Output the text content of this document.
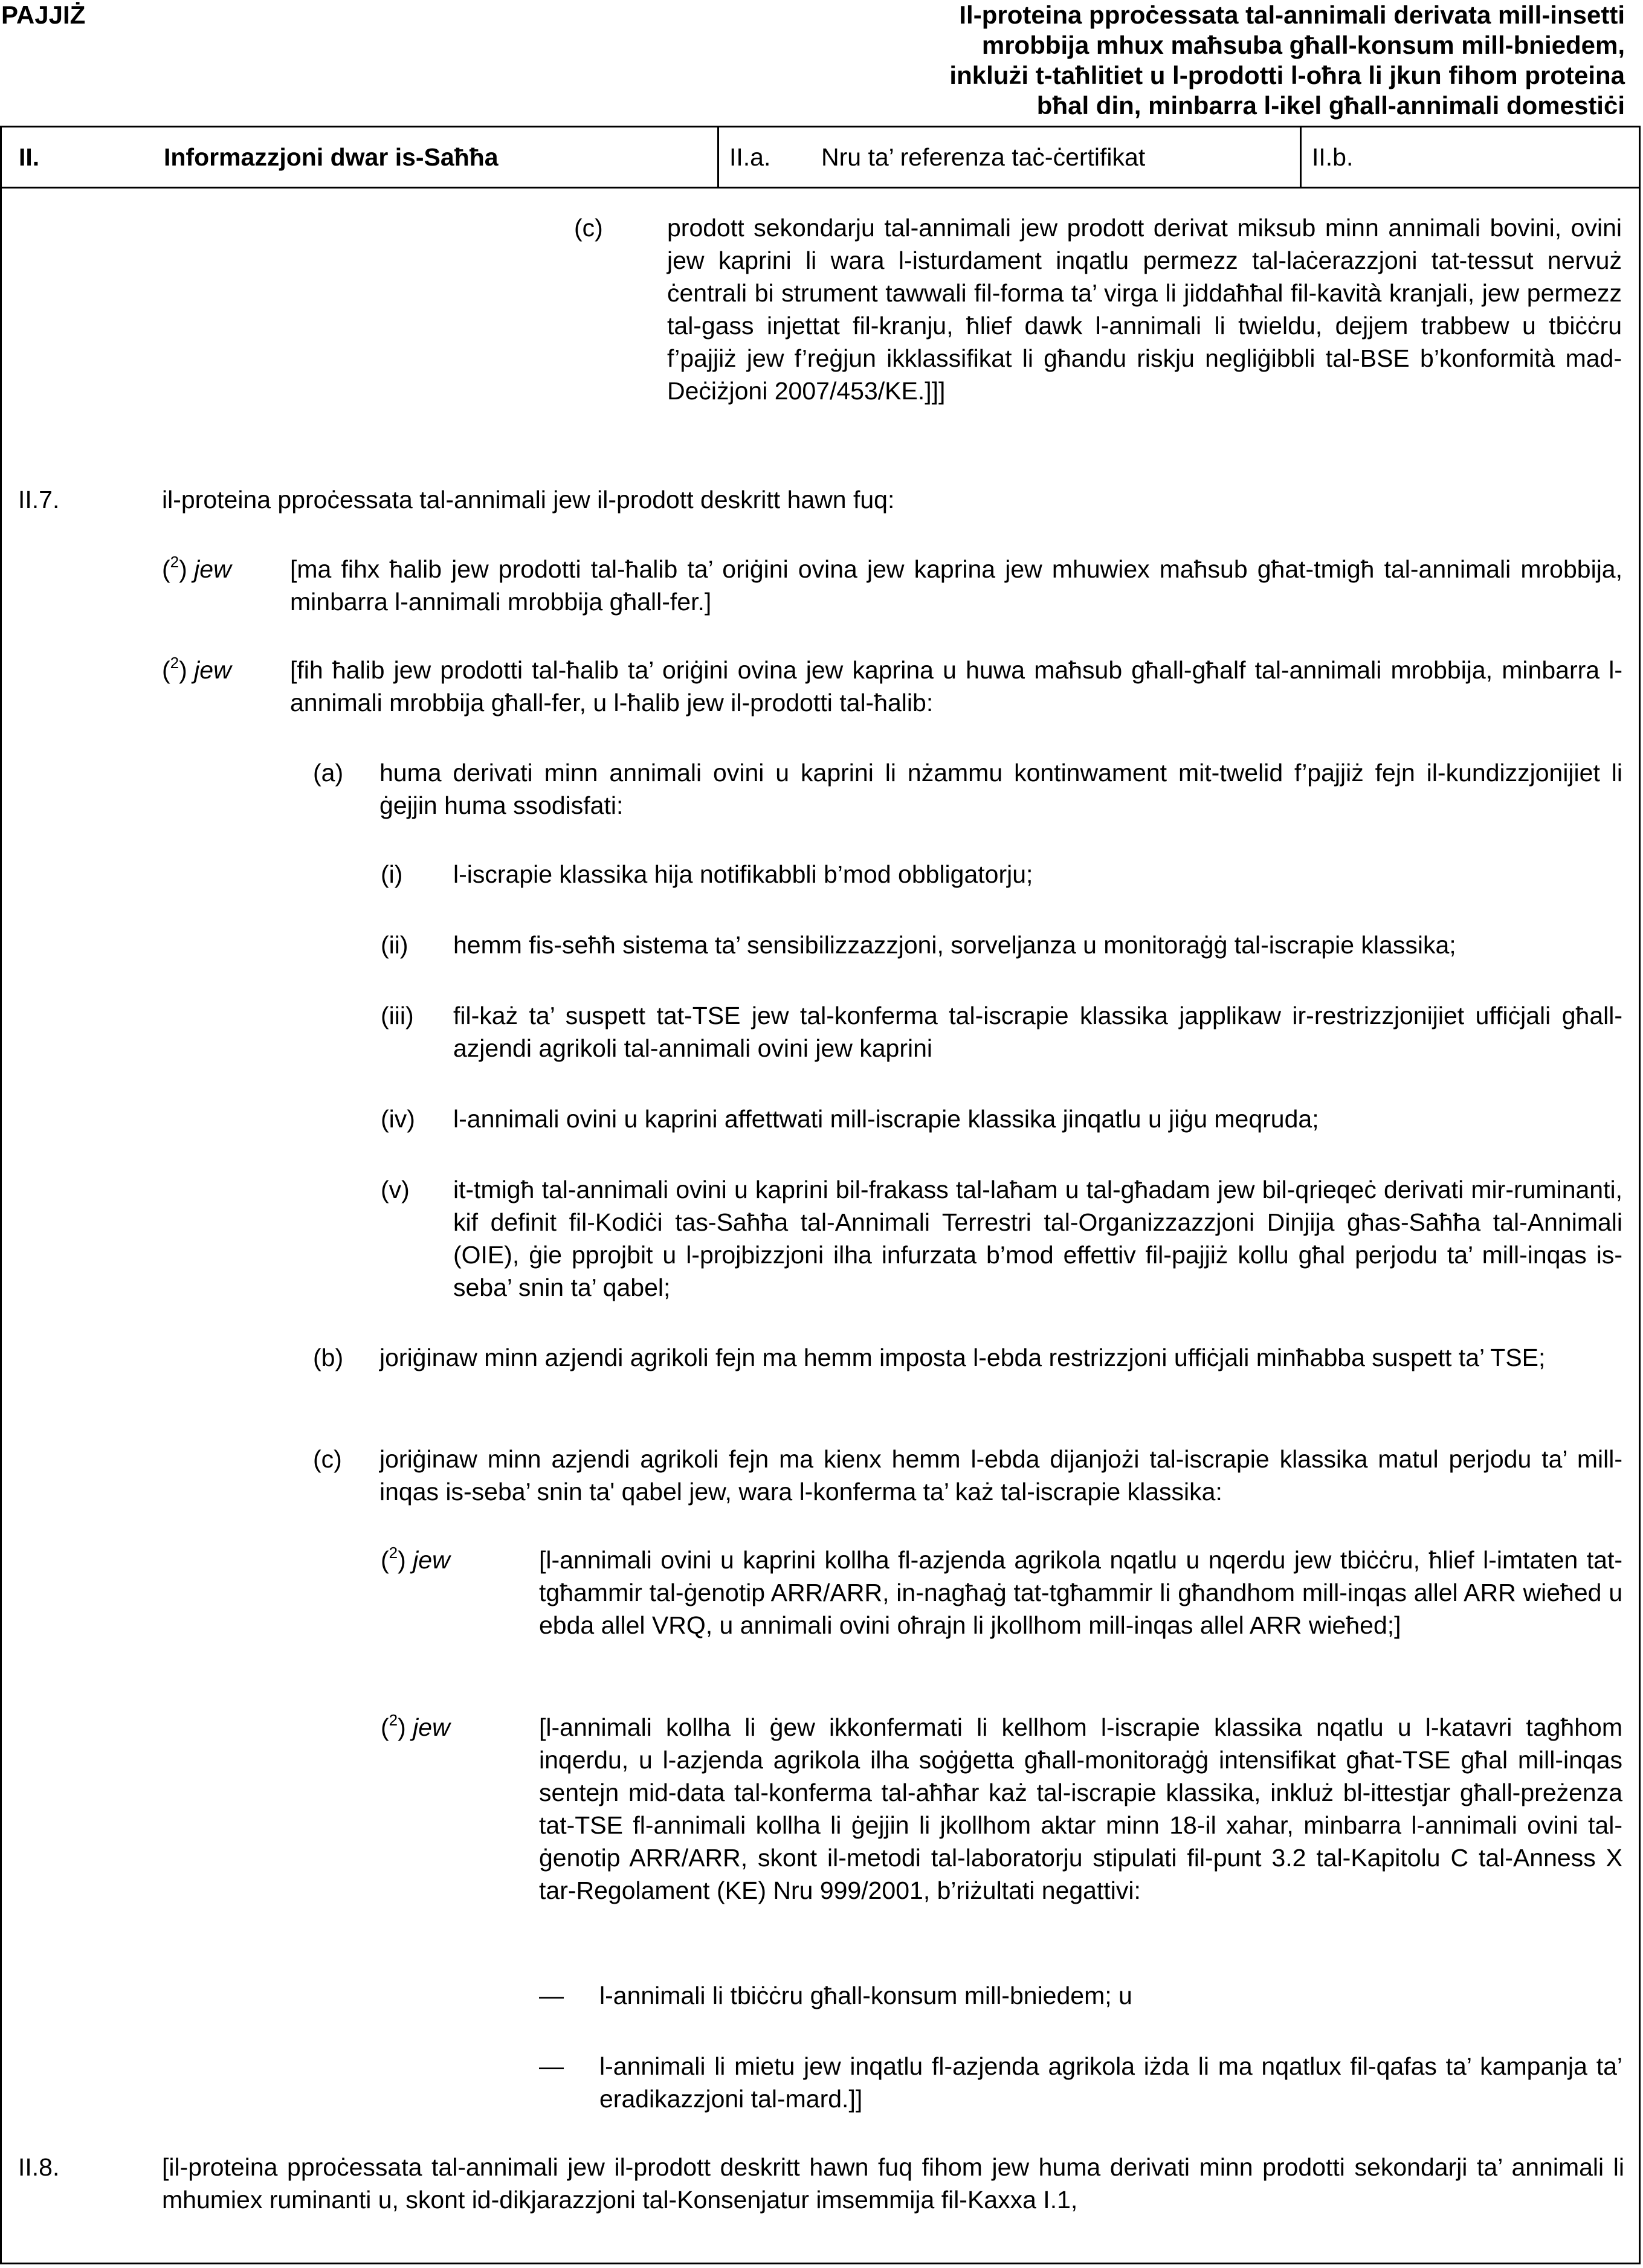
PAJJIŻ	Il-proteina pproċessata tal-annimali derivata mill-insetti
mrobbija mhux maħsuba għall-konsum mill-bniedem,
inklużi t-taħlitiet u l-prodotti l-oħra li jkun fihom proteina
bħal din, minbarra l-ikel għall-annimali domestiċi
II.	Informazzjoni dwar is-Saħħa	II.a. Nru ta’ referenza taċ-ċertifikat	II.b.
(c)	prodott sekondarju tal-annimali jew prodott derivat miksub minn annimali bovini, ovini jew kaprini li wara l-isturdament inqatlu permezz tal-laċerazzjoni tat-tessut nervuż ċentrali bi strument tawwali fil-forma ta’ virga li jiddaħħal fil-kavità kranjali, jew permezz tal-gass injettat fil-kranju, ħlief dawk l-annimali li twieldu, dejjem trabbew u tbiċċru f’pajjiż jew f’reġjun ikklassifikat li għandu riskju negliġibbli tal-BSE b’konformità mad-Deċiżjoni 2007/453/KE.]]]
II.7.	il-proteina pproċessata tal-annimali jew il-prodott deskritt hawn fuq:
($^2$) jew [ma fihx ħalib jew prodotti tal-ħalib ta’ oriġini ovina jew kaprina jew mhuwiex maħsub għat-tmigħ tal-annimali mrobbija, minbarra l-annimali mrobbija għall-fer.]
($^2$) jew [fih ħalib jew prodotti tal-ħalib ta’ oriġini ovina jew kaprina u huwa maħsub għall-għalf tal-annimali mrobbija, minbarra l-annimali mrobbija għall-fer, u l-ħalib jew il-prodotti tal-ħalib:
(a) huma derivati minn annimali ovini u kaprini li nżammu kontinwament mit-twelid f’pajjiż fejn il-kundizzjonijiet li ġejjin huma ssodisfati:
(i) l-iscrapie klassika hija notifikabbli b’mod obbligatorju;
(ii) hemm fis-seħħ sistema ta’ sensibilizzazzjoni, sorveljanza u monitoraġġ tal-iscrapie klassika;
(iii) fil-każ ta’ suspett tat-TSE jew tal-konferma tal-iscrapie klassika japplikaw ir-restrizzjonijiet uffiċjali għall-azjendi agrikoli tal-annimali ovini jew kaprini
(iv) l-annimali ovini u kaprini affettwati mill-iscrapie klassika jinqatlu u jiġu meqruda;
(v) it-tmigħ tal-annimali ovini u kaprini bil-frakass tal-laħam u tal-għadam jew bil-qrieqeċ derivati mir-ruminanti, kif definit fil-Kodiċi tas-Saħħa tal-Annimali Terrestri tal-Organizzazzjoni Dinjija għas-Saħħa tal-Annimali (OIE), ġie pprojbit u l-projbizzjoni ilha infurzata b’mod effettiv fil-pajjiż kollu għal perjodu ta’ mill-inqas is-seba’ snin ta’ qabel;
(b) joriġinaw minn azjendi agrikoli fejn ma hemm imposta l-ebda restrizzjoni uffiċjali minħabba suspett ta’ TSE;
(c) joriġinaw minn azjendi agrikoli fejn ma kienx hemm l-ebda dijanjożi tal-iscrapie klassika matul perjodu ta’ mill-inqas is-seba’ snin ta' qabel jew, wara l-konferma ta’ każ tal-iscrapie klassika:
($^2$) jew	[l-annimali ovini u kaprini kollha fl-azjenda agrikola nqatlu u nqerdu jew tbiċċru, ħlief l-imtaten tat-tgħammir tal-ġenotip ARR/ARR, in-nagħaġ tat-tgħammir li għandhom mill-inqas allel ARR wieħed u ebda allel VRQ, u annimali ovini oħrajn li jkollhom mill-inqas allel ARR wieħed;]
($^2$) jew	[l-annimali kollha li ġew ikkonfermati li kellhom l-iscrapie klassika nqatlu u l-katavri tagħhom inqerdu, u l-azjenda agrikola ilha soġġetta għall-monitoraġġ intensifikat għat-TSE għal mill-inqas sentejn mid-data tal-konferma tal-aħħar każ tal-iscrapie klassika, inkluż bl-ittestjar għall-preżenza tat-TSE fl-annimali kollha li ġejjin li jkollhom aktar minn 18-il xahar, minbarra l-annimali ovini tal-ġenotip ARR/ARR, skont il-metodi tal-laboratorju stipulati fil-punt 3.2 tal-Kapitolu C tal-Anness X tar-Regolament (KE) Nru 999/2001, b’riżultati negattivi:
— l-annimali li tbiċċru għall-konsum mill-bniedem; u
— l-annimali li mietu jew inqatlu fl-azjenda agrikola iżda li ma nqatlux fil-qafas ta’ kampanja ta’ eradikazzjoni tal-mard.]]
II.8.	[il-proteina pproċessata tal-annimali jew il-prodott deskritt hawn fuq fihom jew huma derivati minn prodotti sekondarji ta’ annimali li mhumiex ruminanti u, skont id-dikjarazzjoni tal-Konsenjatur imsemmija fil-Kaxxa I.1,
